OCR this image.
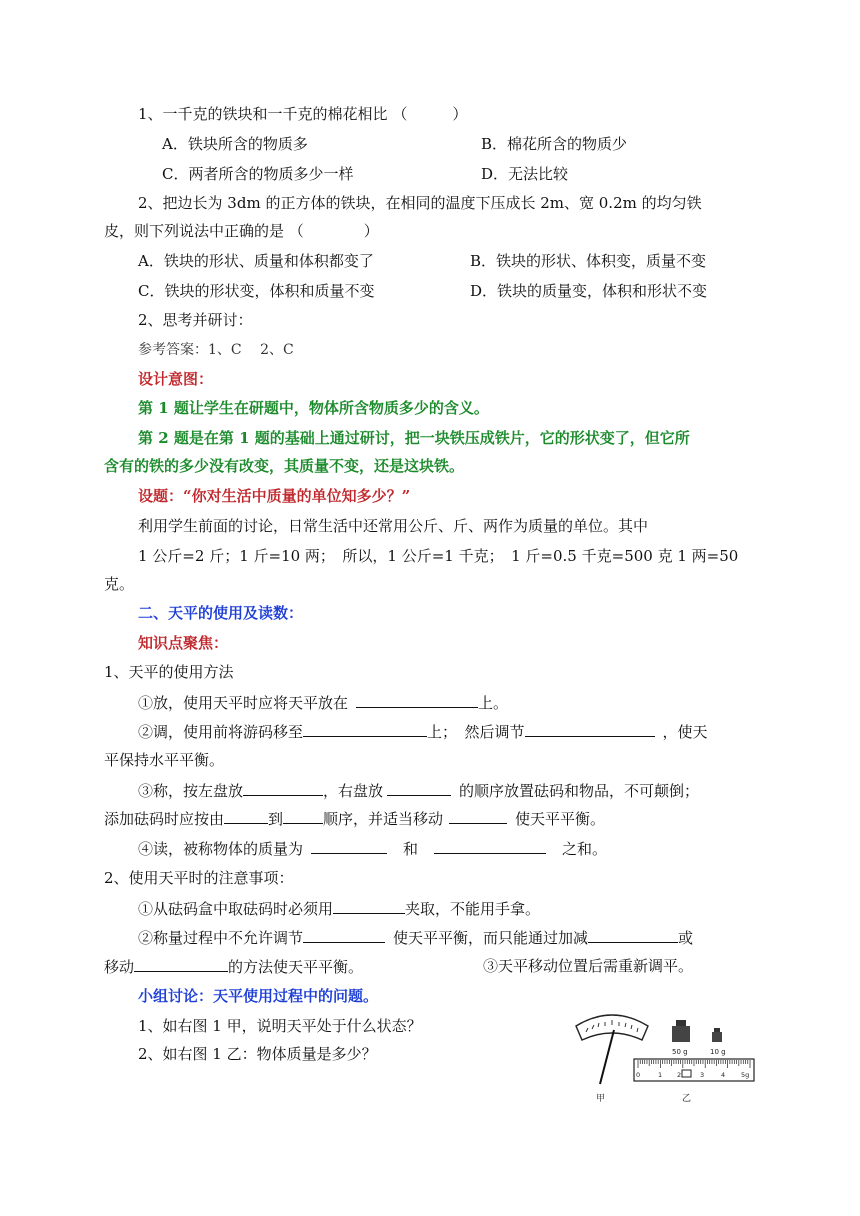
1、一千克的铁块和一千克的棉花相比 （　　　）
A．铁块所含的物质多	B．棉花所含的物质少
C．两者所含的物质多少一样	D．无法比较
2、把边长为 3dm 的正方体的铁块，在相同的温度下压成长 2m、宽 0.2m 的均匀铁
皮，则下列说法中正确的是 （　　　　）
A．铁块的形状、质量和体积都变了	B．铁块的形状、体积变，质量不变
C．铁块的形状变，体积和质量不变	D．铁块的质量变，体积和形状不变
2、思考并研讨：
参考答案：1、C　 2、C
设计意图：
第 1 题让学生在研题中，物体所含物质多少的含义。
第 2 题是在第 1 题的基础上通过研讨，把一块铁压成铁片，它的形状变了，但它所
含有的铁的多少没有改变，其质量不变，还是这块铁。
设题：“你对生活中质量的单位知多少？”
利用学生前面的讨论，日常生活中还常用公斤、斤、两作为质量的单位。其中
1 公斤=2 斤；1 斤=10 两；　所以，1 公斤=1 千克；　1 斤=0.5 千克=500 克 1 两=50
克。
二、天平的使用及读数：
知识点聚焦：
1、天平的使用方法
①放，使用天平时应将天平放在	上。
②调，使用前将游码移至	上；　然后调节	，使天
平保持水平平衡。
③称，按左盘放	，右盘放	的顺序放置砝码和物品，不可颠倒；
添加砝码时应按由	到	顺序，并适当移动	使天平平衡。
④读，被称物体的质量为	和	之和。
2、使用天平时的注意事项：
①从砝码盒中取砝码时必须用	夹取，不能用手拿。
②称量过程中不允许调节	使天平平衡，而只能通过加减	或
移动	的方法使天平平衡。	③天平移动位置后需重新调平。
小组讨论：天平使用过程中的问题。
1、如右图 1 甲，说明天平处于什么状态？
2、如右图 1 乙：物体质量是多少？
甲
50 g	10 g
0	1 2	3	4 5g
乙
